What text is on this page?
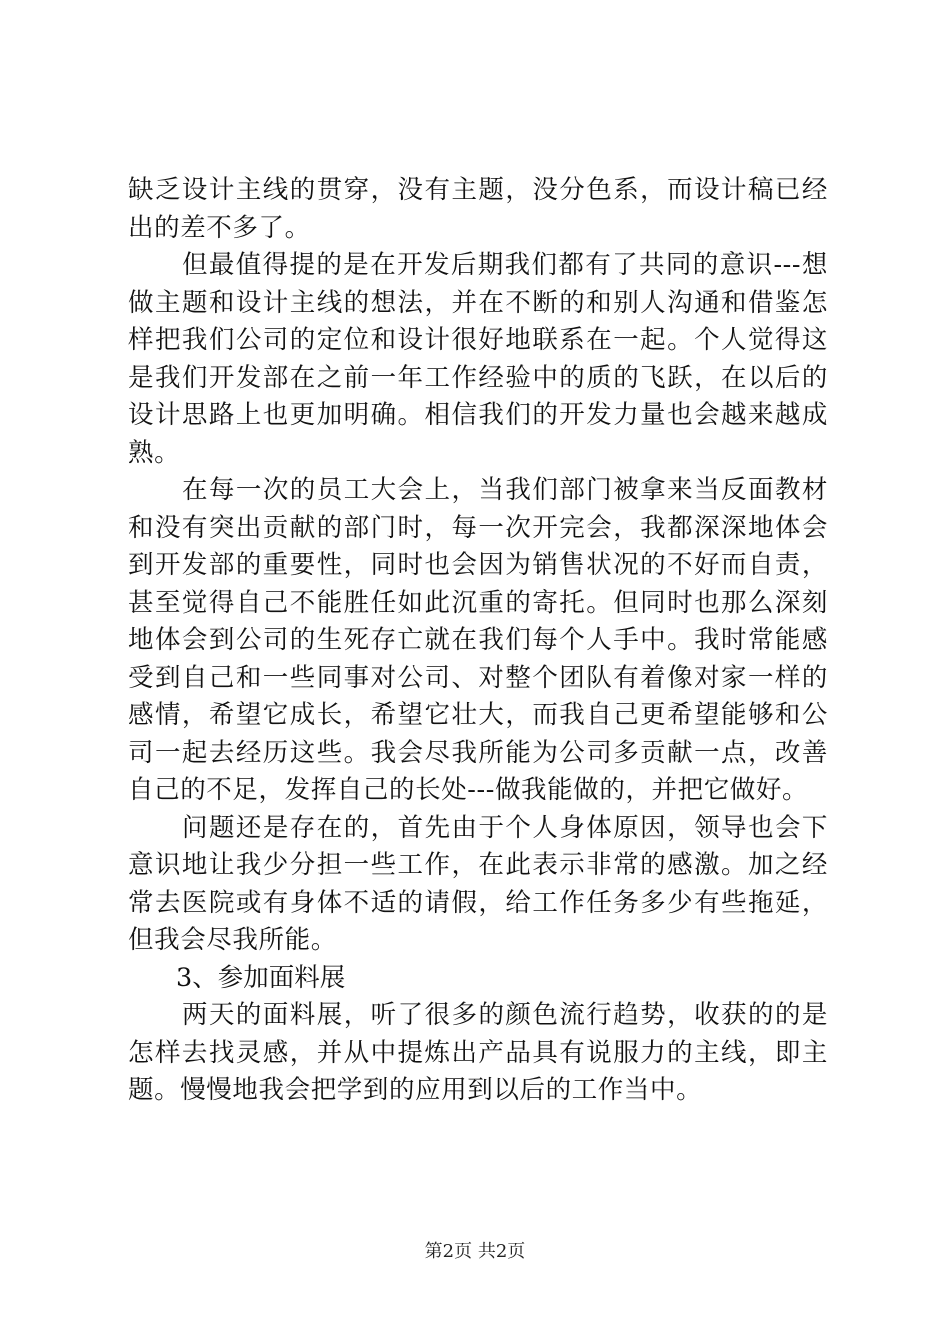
缺乏设计主线的贯穿，没有主题，没分色系，而设计稿已经出的差不多了。

但最值得提的是在开发后期我们都有了共同的意识---想做主题和设计主线的想法，并在不断的和别人沟通和借鉴怎样把我们公司的定位和设计很好地联系在一起。个人觉得这是我们开发部在之前一年工作经验中的质的飞跃，在以后的设计思路上也更加明确。相信我们的开发力量也会越来越成熟。

在每一次的员工大会上，当我们部门被拿来当反面教材和没有突出贡献的部门时，每一次开完会，我都深深地体会到开发部的重要性，同时也会因为销售状况的不好而自责，甚至觉得自己不能胜任如此沉重的寄托。但同时也那么深刻地体会到公司的生死存亡就在我们每个人手中。我时常能感受到自己和一些同事对公司、对整个团队有着像对家一样的感情，希望它成长，希望它壮大，而我自己更希望能够和公司一起去经历这些。我会尽我所能为公司多贡献一点，改善自己的不足，发挥自己的长处---做我能做的，并把它做好。

问题还是存在的，首先由于个人身体原因，领导也会下意识地让我少分担一些工作，在此表示非常的感激。加之经常去医院或有身体不适的请假，给工作任务多少有些拖延，但我会尽我所能。

3、参加面料展

两天的面料展，听了很多的颜色流行趋势，收获的的是怎样去找灵感，并从中提炼出产品具有说服力的主线，即主题。慢慢地我会把学到的应用到以后的工作当中。

第2页 共2页
